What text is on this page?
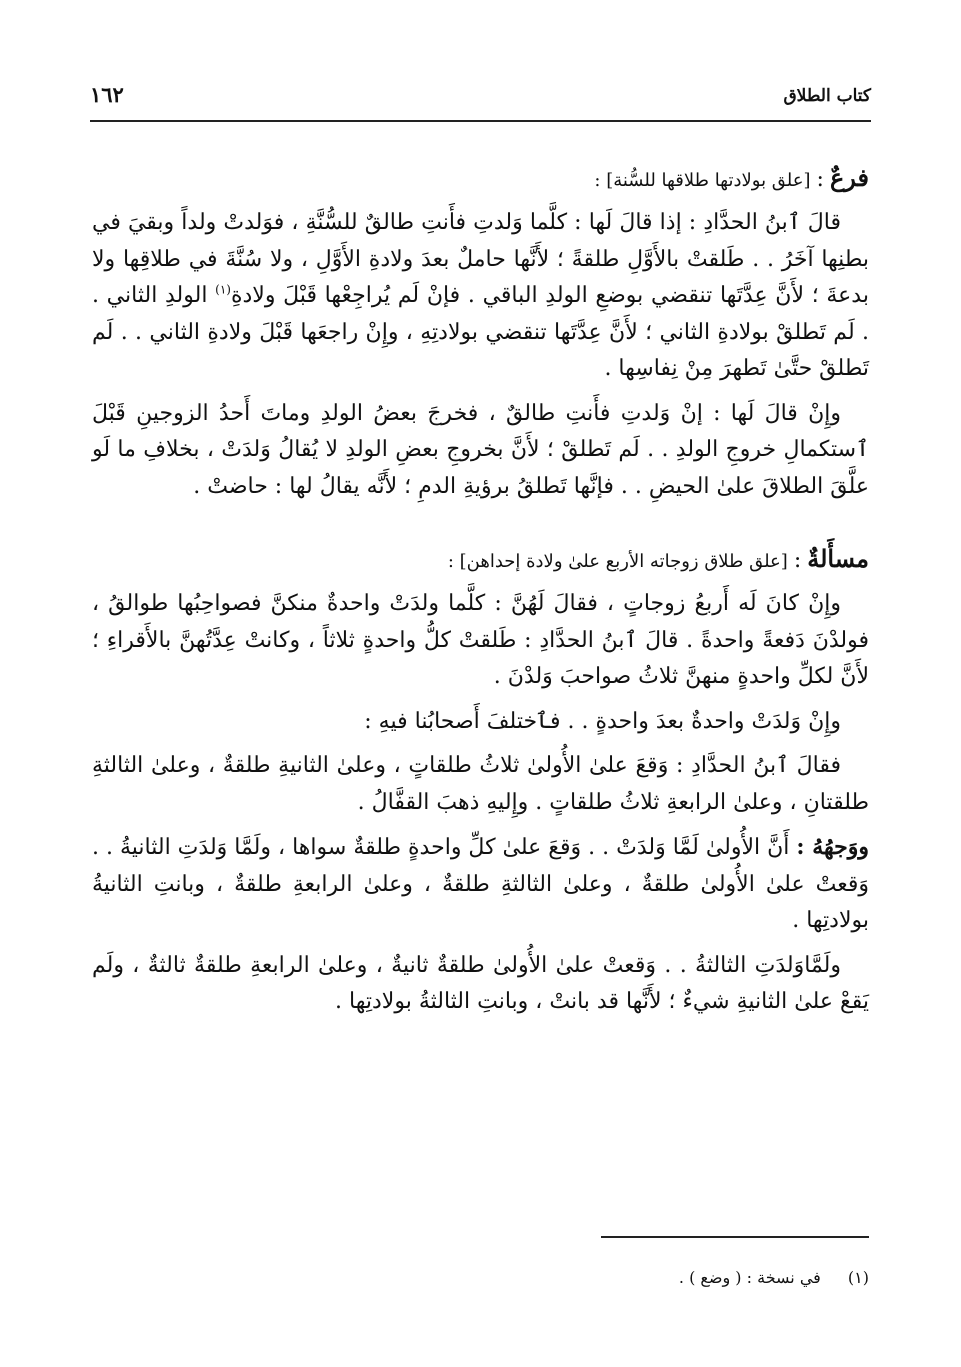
كتاب الطلاق
١٦٢
فرعٌ:[علق بولادتها طلاقها للسُّنة] :

قالَ ٱبنُ الحدَّادِ : إذا قالَ لَها : كلَّما وَلدتِ فأَنتِ طالقٌ للسُّنَّةِ ، فوَلدتْ ولداً وبقيَ في بطنِها آخَرُ . . طَلقتْ بالأَوَّلِ طلقةً ؛ لأَنَّها حاملٌ بعدَ ولادةِ الأَوَّلِ ، ولا سُنَّةَ في طلاقِها ولا بدعةَ ؛ لأَنَّ عِدَّتَها تنقضي بوضعِ الولدِ الباقي . فإنْ لَم يُراجِعْها قَبْلَ ولادةِ$^{(١)}$ الولدِ الثاني . . لَم تَطلقْ بولادةِ الثاني ؛ لأَنَّ عِدَّتَها تنقضي بولادتِهِ ، وإِنْ راجعَها قَبْلَ ولادةِ الثاني . . لَم تَطلقْ حتَّىٰ تَطهرَ مِنْ نِفاسِها .

وإِنْ قالَ لَها : إنْ وَلدتِ فأَنتِ طالقٌ ، فخرجَ بعضُ الولدِ وماتَ أَحدُ الزوجينِ قَبْلَ ٱستكمالِ خروجِ الولدِ . . لَم تَطلقْ ؛ لأَنَّ بخروجِ بعضِ الولدِ لا يُقالُ وَلدَتْ ، بخلافِ ما لَو علَّقَ الطلاقَ علىٰ الحيضِ . . فإنَّها تَطلقُ برؤيةِ الدمِ ؛ لأَنَّه يقالُ لها : حاضتْ .

مسأَلةٌ:[علق طلاق زوجاته الأربع علىٰ ولادة إحداهن] :

وإِنْ كانَ لَه أَربعُ زوجاتٍ ، فقالَ لَهُنَّ : كلَّما ولدَتْ واحدةٌ منكنَّ فصواحِبُها طوالقُ ، فولدْنَ دَفعةً واحدةً . قالَ ٱبنُ الحدَّادِ : طَلقتْ كلُّ واحدةٍ ثلاثاً ، وكانتْ عِدَّتُهنَّ بالأَقراءِ ؛ لأَنَّ لكلِّ واحدةٍ منهنَّ ثلاثُ صواحبَ وَلدْنَ .

وإِنْ وَلدَتْ واحدةٌ بعدَ واحدةٍ . . فٱختلفَ أَصحابُنا فيهِ :

فقالَ ٱبنُ الحدَّادِ : وَقعَ علىٰ الأُولىٰ ثلاثُ طلقاتٍ ، وعلىٰ الثانيةِ طلقةٌ ، وعلىٰ الثالثةِ طلقتانِ ، وعلىٰ الرابعةِ ثلاثُ طلقاتٍ . وإِليهِ ذهبَ القفَّالُ .

ووَجهُهُ : أَنَّ الأُولىٰ لَمَّا وَلدَتْ . . وَقعَ علىٰ كلِّ واحدةٍ طلقةٌ سواها ، ولَمَّا وَلدَتِ الثانيةُ . . وَقعتْ علىٰ الأُولىٰ طلقةٌ ، وعلىٰ الثالثةِ طلقةٌ ، وعلىٰ الرابعةِ طلقةٌ ، وبانتِ الثانيةُ بولادتِها .

ولَمَّاوَلدَتِ الثالثةُ . . وَقعتْ علىٰ الأُولىٰ طلقةٌ ثانيةٌ ، وعلىٰ الرابعةِ طلقةٌ ثالثةٌ ، ولَم يَقعْ علىٰ الثانيةِ شيءٌ ؛ لأَنَّها قد بانتْ ، وبانتِ الثالثةُ بولادتِها .

(١) في نسخة : ( وضع ) .
